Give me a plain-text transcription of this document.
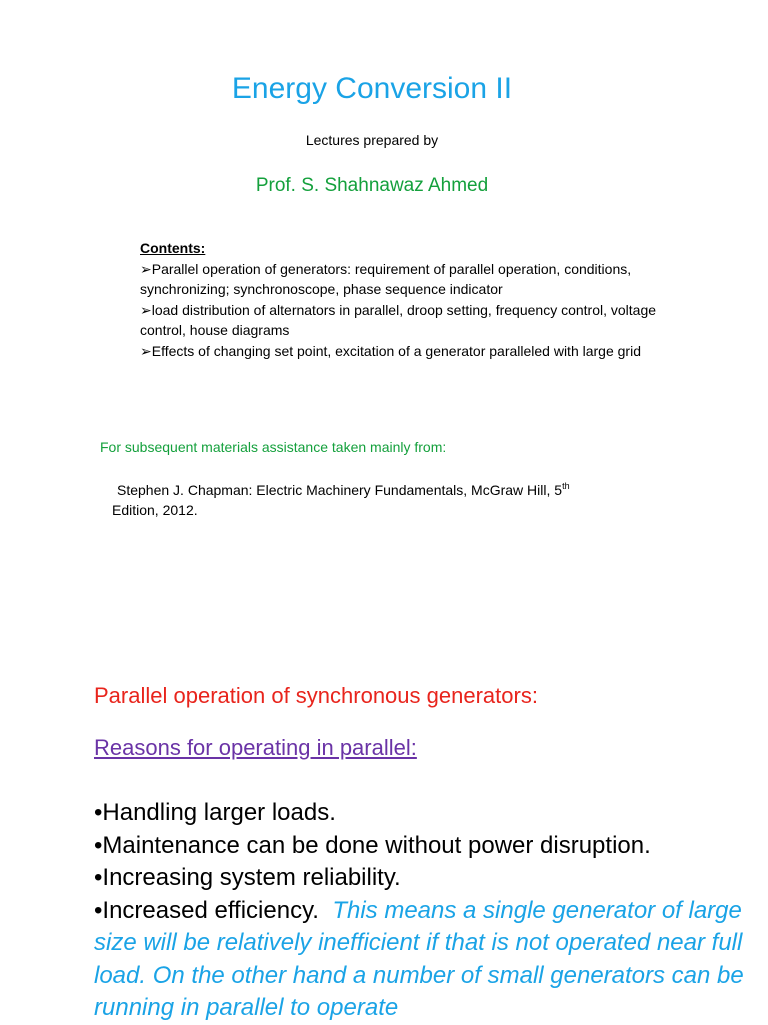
Energy Conversion II
Lectures prepared by
Prof. S. Shahnawaz Ahmed
Contents:
➢Parallel operation of generators: requirement of parallel operation, conditions, synchronizing; synchronoscope, phase sequence indicator
➢load distribution of alternators in parallel, droop setting, frequency control, voltage control, house diagrams
➢Effects of changing set point, excitation of a generator paralleled with large grid
For subsequent materials assistance taken mainly from:
Stephen J. Chapman: Electric Machinery Fundamentals, McGraw Hill, 5th
Edition, 2012.
Parallel operation of synchronous generators:
Reasons for operating in parallel:
•Handling larger loads.
•Maintenance can be done without power disruption.
•Increasing system reliability.
•Increased efficiency. This means a single generator of large size will be relatively inefficient if that is not operated near full load. On the other hand a number of small generators can be running in parallel to operate
